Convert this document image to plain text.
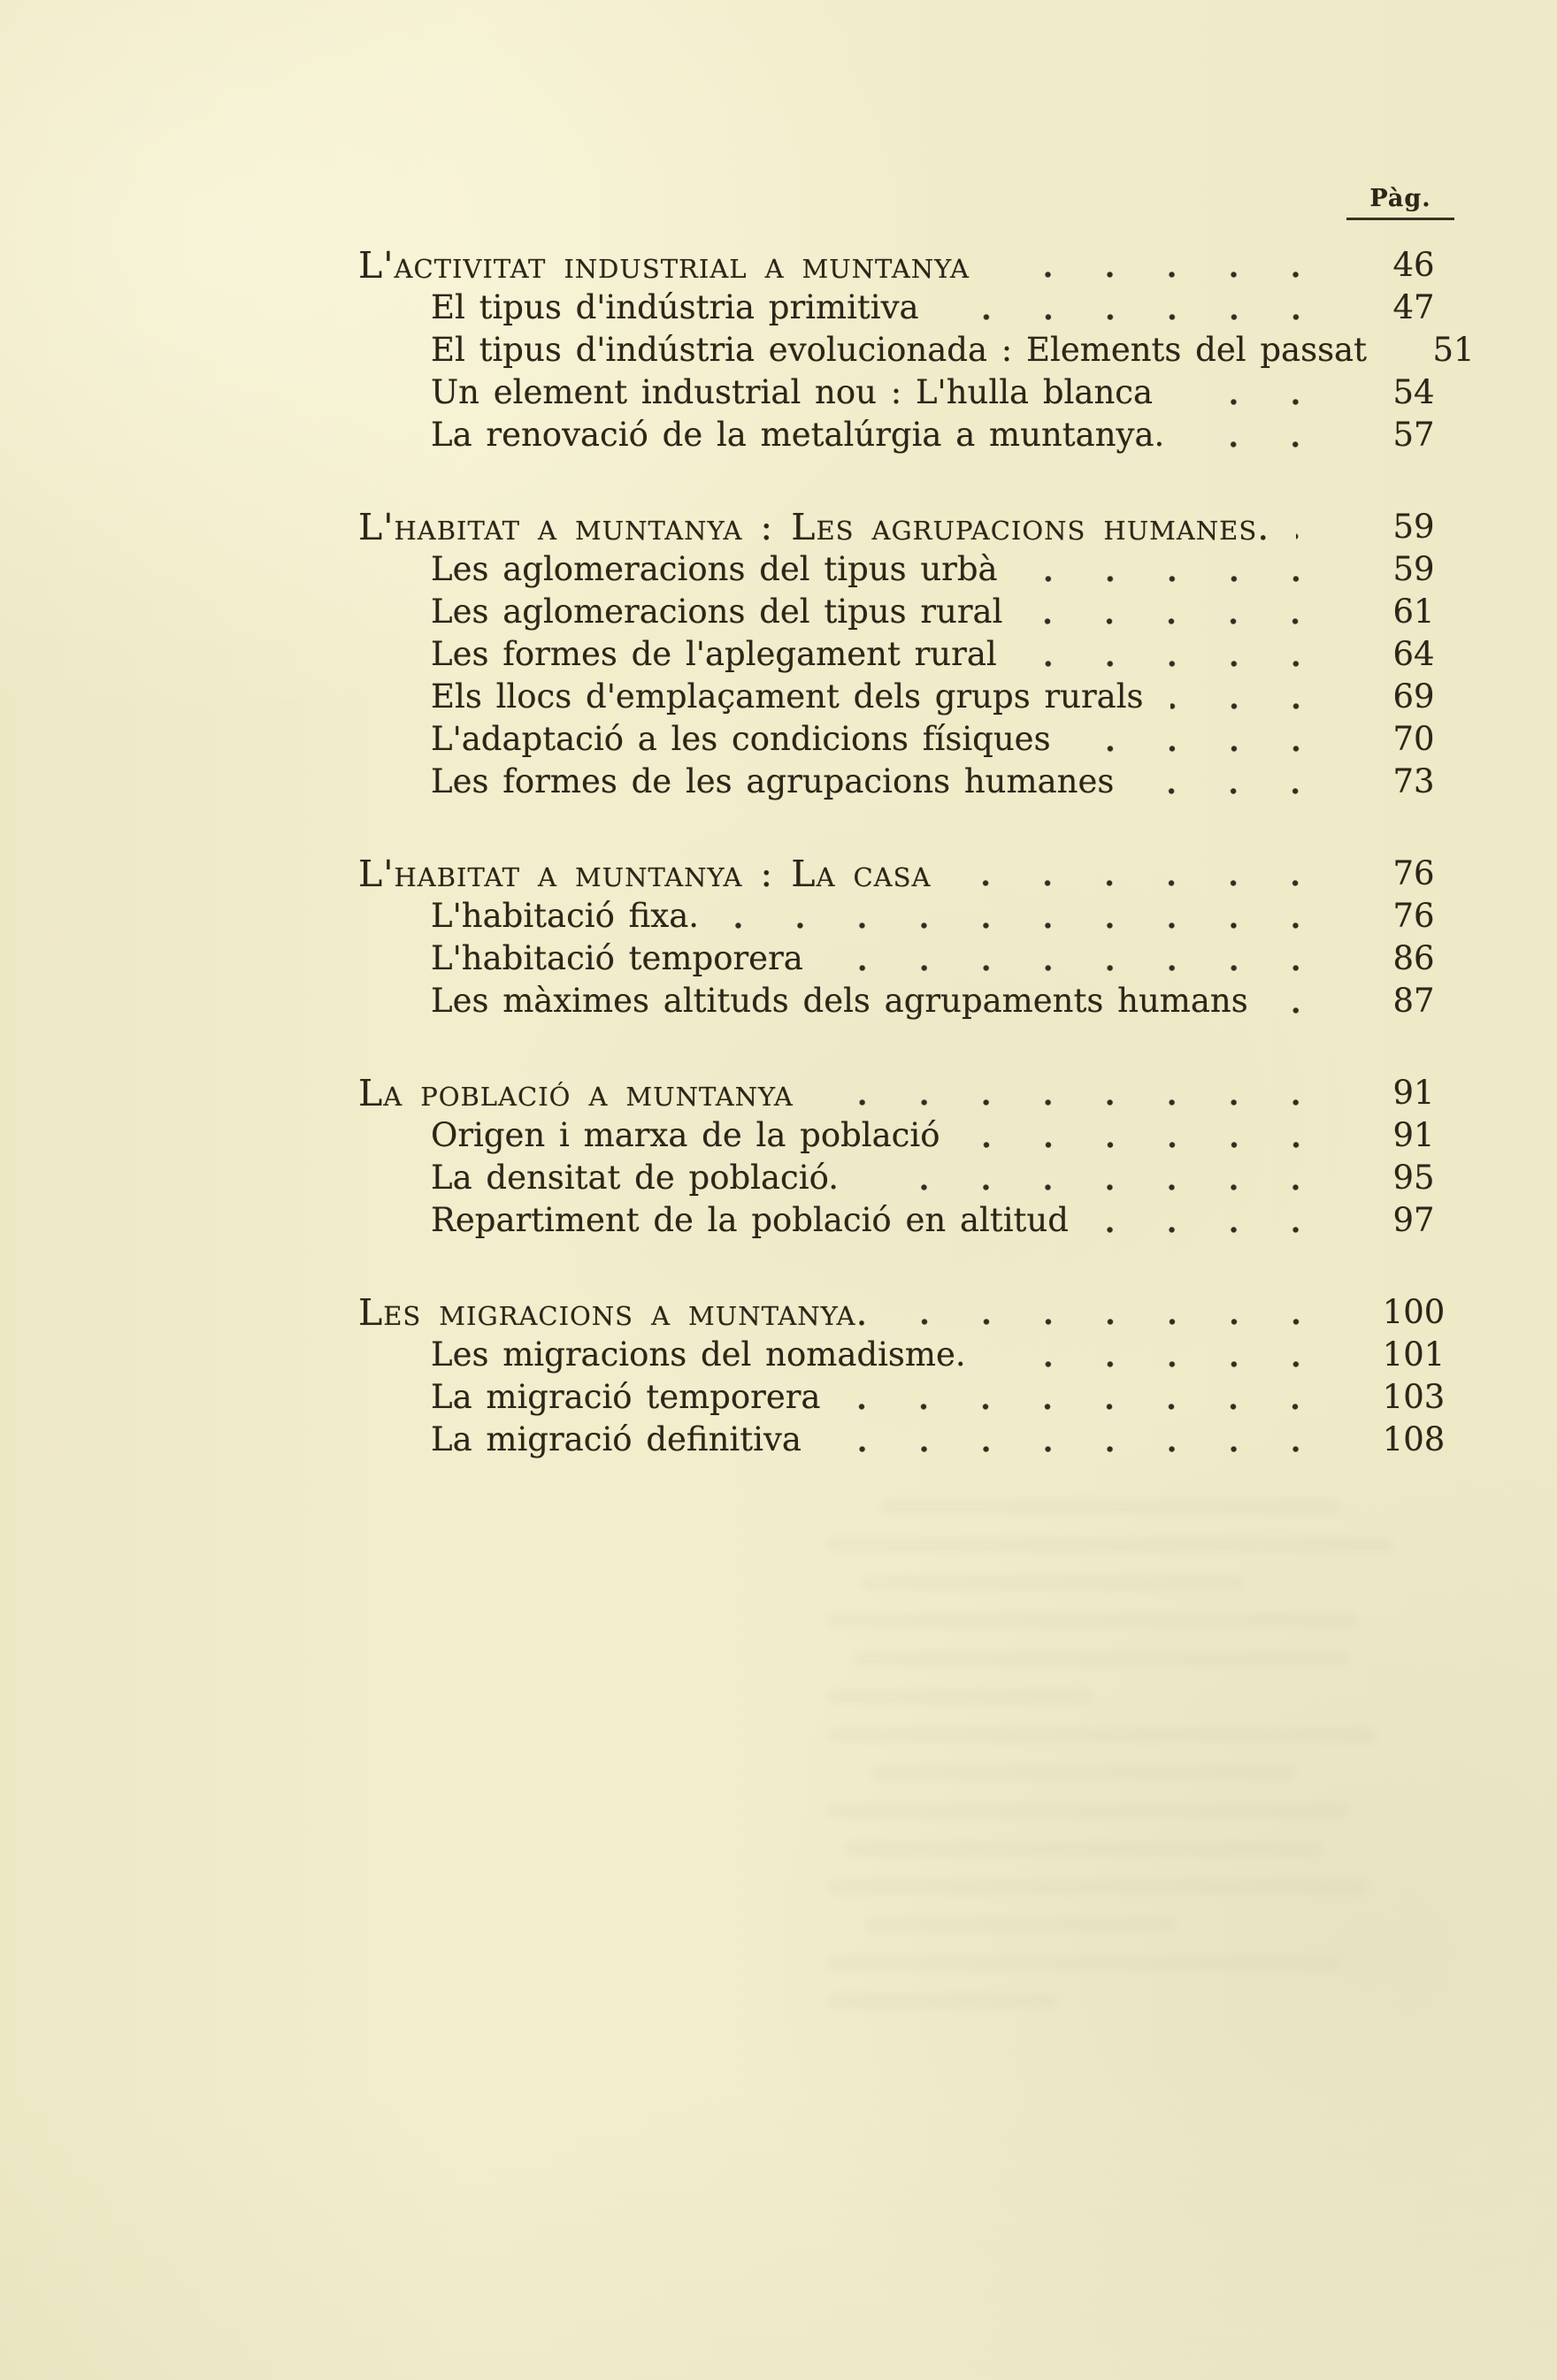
Pàg.
L'activitat industrial a muntanya	46
El tipus d'indústria primitiva	47
El tipus d'indústria evolucionada : Elements del passat	51
Un element industrial nou : L'hulla blanca	54
La renovació de la metalúrgia a muntanya.	57
L'habitat a muntanya : Les agrupacions humanes.	59
Les aglomeracions del tipus urbà	59
Les aglomeracions del tipus rural	61
Les formes de l'aplegament rural	64
Els llocs d'emplaçament dels grups rurals	69
L'adaptació a les condicions físiques	70
Les formes de les agrupacions humanes	73
L'habitat a muntanya : La casa	76
L'habitació fixa.	76
L'habitació temporera	86
Les màximes altituds dels agrupaments humans	87
La població a muntanya	91
Origen i marxa de la població	91
La densitat de població.	95
Repartiment de la població en altitud	97
Les migracions a muntanya.	100
Les migracions del nomadisme.	101
La migració temporera	103
La migració definitiva	108
